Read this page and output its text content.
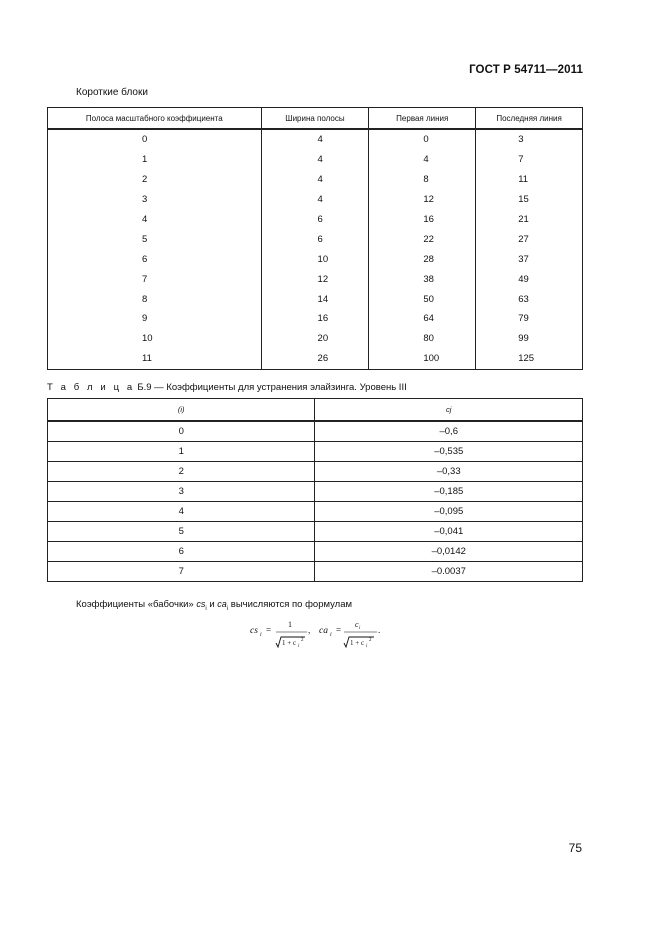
ГОСТ Р 54711—2011
Короткие блоки
Полоса масштабного коэффициента	Ширина полосы	Первая линия	Последняя линия
0	4	0	3
1	4	4	7
2	4	8	11
3	4	12	15
4	6	16	21
5	6	22	27
6	10	28	37
7	12	38	49
8	14	50	63
9	16	64	79
10	20	80	99
11	26	100	125
Т а б л и ц а Б.9 — Коэффициенты для устранения элайзинга. Уровень III
(i)	cj
0	–0,6
1	–0,535
2	–0,33
3	–0,185
4	–0,095
5	–0,041
6	–0,0142
7	–0.0037
Коэффициенты «бабочки» $cs_i$ и $ca_i$ вычисляются по формулам
cs i =
1
1 + c i
2
, ca i =
c i
1 + c i
2
.
75
